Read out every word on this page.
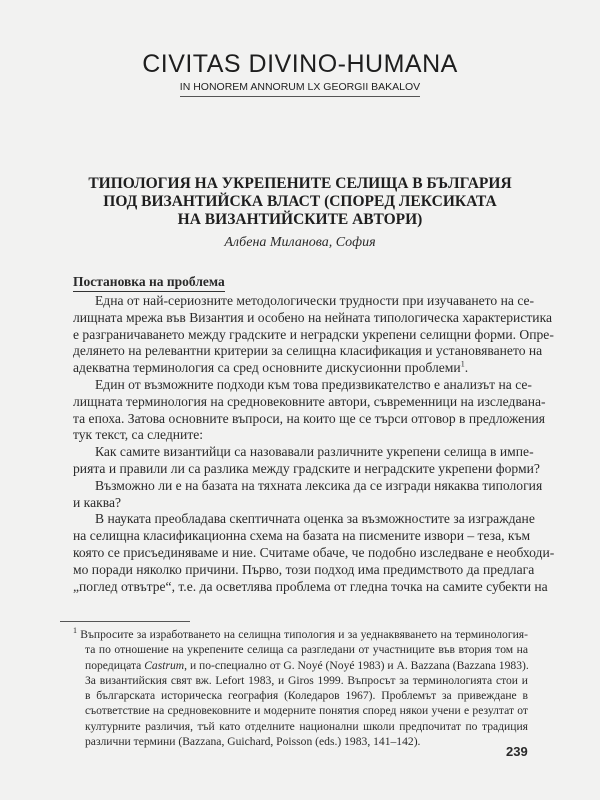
CIVITAS DIVINO-HUMANA
IN HONOREM ANNORUM LX GEORGII BAKALOV
ТИПОЛОГИЯ НА УКРЕПЕНИТЕ СЕЛИЩА В БЪЛГАРИЯ
ПОД ВИЗАНТИЙСКА ВЛАСТ (СПОРЕД ЛЕКСИКАТА
НА ВИЗАНТИЙСКИТЕ АВТОРИ)
Албена Миланова, София
Постановка на проблема
Една от най-сериозните методологически трудности при изучаването на се-
лищната мрежа във Византия и особено на нейната типологическа характеристика
е разграничаването между градските и неградски укрепени селищни форми. Опре-
делянето на релевантни критерии за селищна класификация и установяването на
адекватна терминология са сред основните дискусионни проблеми$^1$.
Един от възможните подходи към това предизвикателство е анализът на се-
лищната терминология на средновековните автори, съвременници на изследвана-
та епоха. Затова основните въпроси, на които ще се търси отговор в предложения
тук текст, са следните:
Как самите византийци са назовавали различните укрепени селища в импе-
рията и правили ли са разлика между градските и неградските укрепени форми?
Възможно ли е на базата на тяхната лексика да се изгради някаква типология
и каква?
В науката преобладава скептичната оценка за възможностите за изграждане
на селищна класификационна схема на базата на писмените извори – теза, към
която се присъединяваме и ние. Считаме обаче, че подобно изследване е необходи-
мо поради няколко причини. Първо, този подход има предимството да предлага
„поглед отвътре“, т.е. да осветлява проблема от гледна точка на самите субекти на
$^1$ Въпросите за изработването на селищна типология и за уеднаквяването на терминология-
та по отношение на укрепените селища са разгледани от участниците във втория том на
поредицата Castrum, и по-специално от G. Noyé (Noyé 1983) и A. Bazzana (Bazzana 1983).
За византийския свят вж. Lefort 1983, и Giros 1999. Въпросът за терминологията стои и
в българската историческа география (Коледаров 1967). Проблемът за привеждане в
съответствие на средновековните и модерните понятия според някои учени е резултат от
културните различия, тъй като отделните национални школи предпочитат по традиция
различни термини (Bazzana, Guichard, Poisson (eds.) 1983, 141–142).
239
